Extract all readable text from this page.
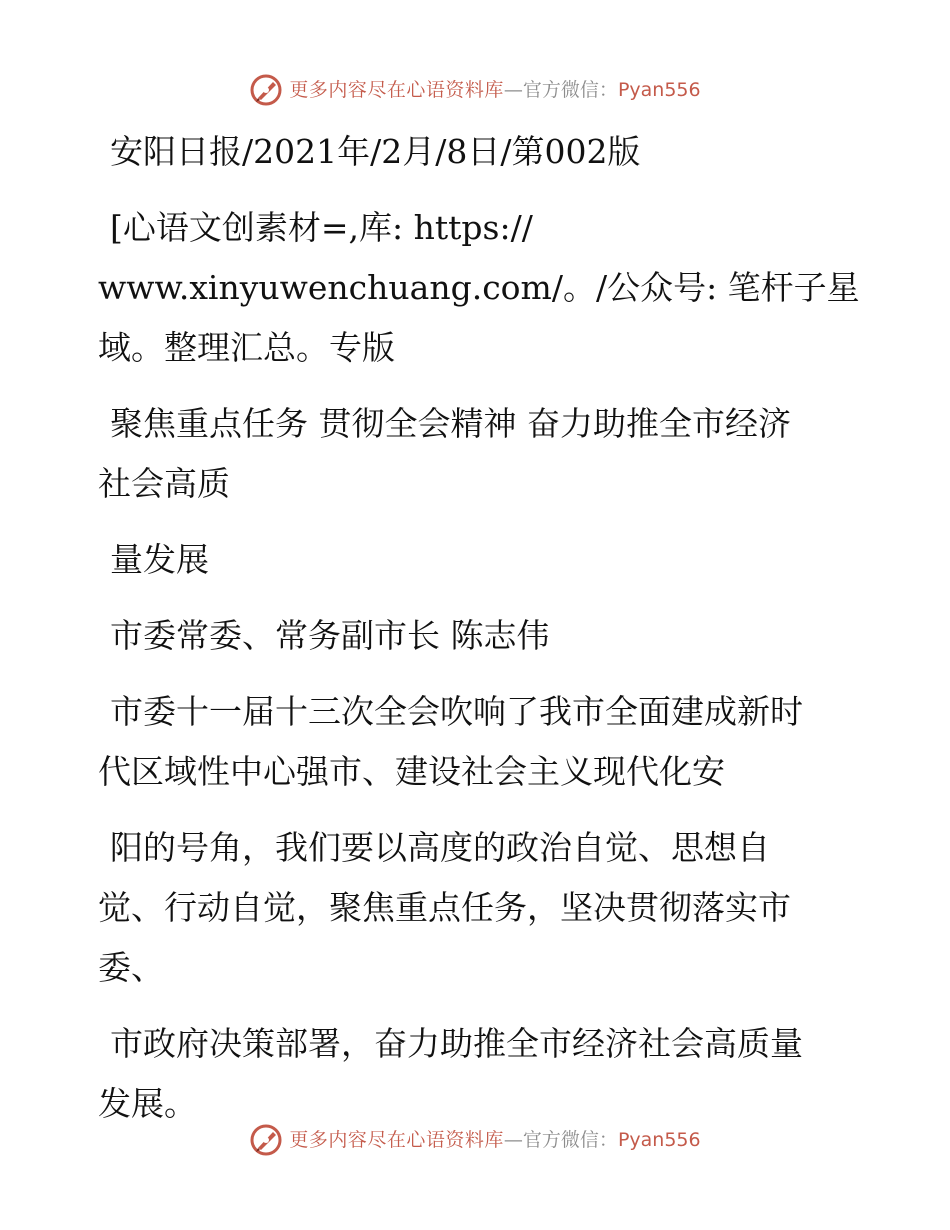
更多内容尽在心语资料库 — 官方微信： Pyan556
安阳日报/2021年/2月/8日/第002版
[心语文创素材=,库: https://
www.xinyuwenchuang.com/。/公众号: 笔杆子星
域。整理汇总。专版
聚焦重点任务 贯彻全会精神 奋力助推全市经济
社会高质
量发展
市委常委、常务副市长 陈志伟
市委十一届十三次全会吹响了我市全面建成新时
代区域性中心强市、建设社会主义现代化安
阳的号角，我们要以高度的政治自觉、思想自
觉、行动自觉，聚焦重点任务，坚决贯彻落实市
委、
市政府决策部署，奋力助推全市经济社会高质量
发展。
更多内容尽在心语资料库 — 官方微信： Pyan556
